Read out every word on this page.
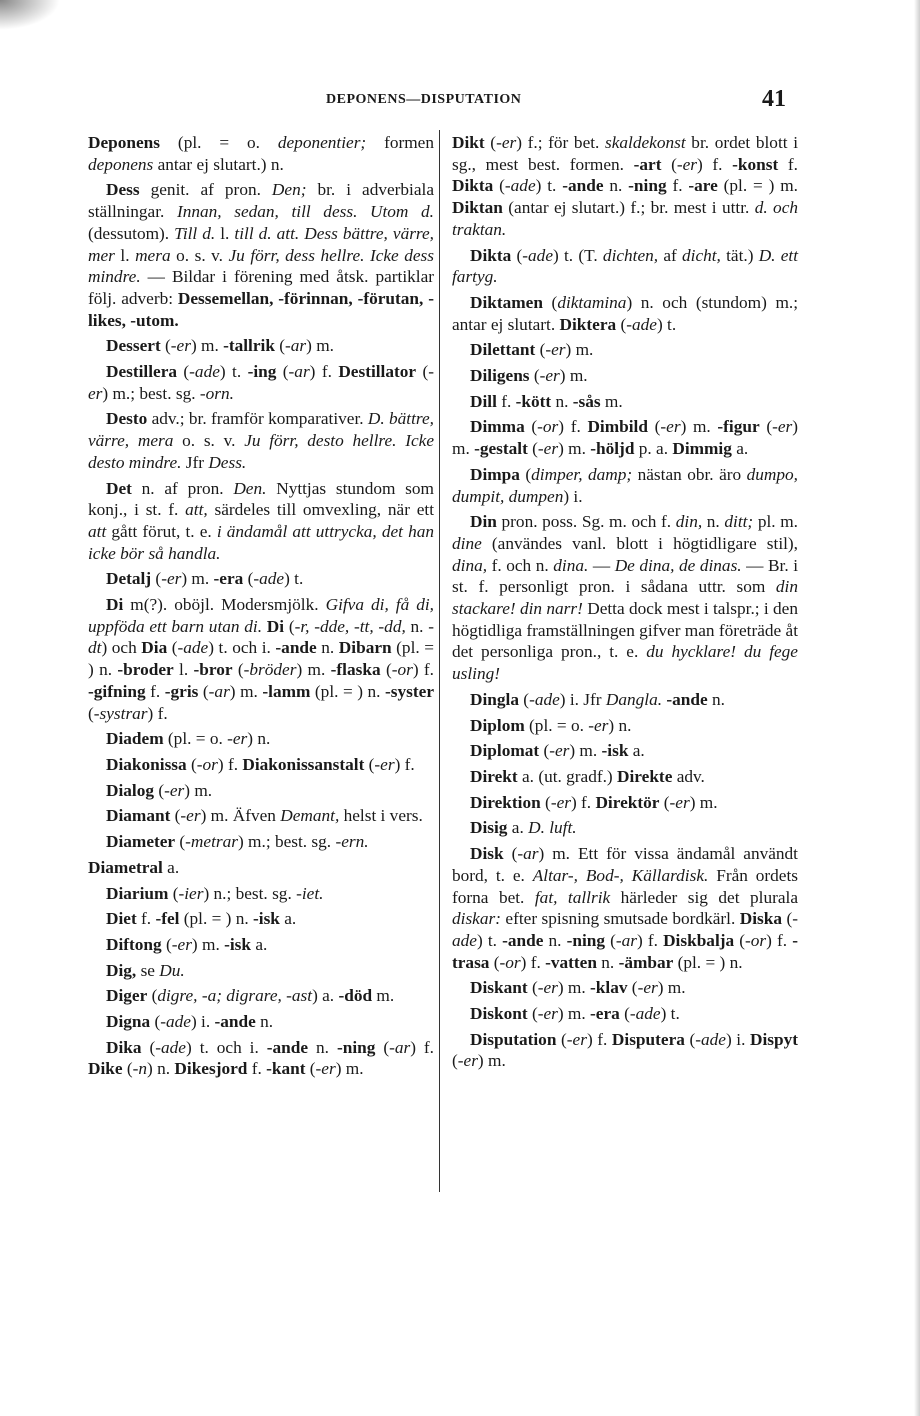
DEPONENS—DISPUTATION	41

Deponens (pl. = o. deponentier; formen deponens antar ej slutart.) n.

Dess genit. af pron. Den; br. i adverbiala ställningar. Innan, sedan, till dess. Utom d. (dessutom). Till d. l. till d. att. Dess bättre, värre, mer l. mera o. s. v. Ju förr, dess hellre. Icke dess mindre. — Bildar i förening med åtsk. partiklar följ. adverb: Dessemellan, -förinnan, -förutan, -likes, -utom.

Dessert (-er) m. -tallrik (-ar) m.

Destillera (-ade) t. -ing (-ar) f. Destillator (-er) m.; best. sg. -orn.

Desto adv.; br. framför komparativer. D. bättre, värre, mera o. s. v. Ju förr, desto hellre. Icke desto mindre. Jfr Dess.

Det n. af pron. Den. Nyttjas stundom som konj., i st. f. att, särdeles till omvexling, när ett att gått förut, t. e. i ändamål att uttrycka, det han icke bör så handla.

Detalj (-er) m. -era (-ade) t.

Di m(?). oböjl. Modersmjölk. Gifva di, få di, uppföda ett barn utan di. Di (-r, -dde, -tt, -dd, n. -dt) och Dia (-ade) t. och i. -ande n. Dibarn (pl. = ) n. -broder l. -bror (-bröder) m. -flaska (-or) f. -gifning f. -gris (-ar) m. -lamm (pl. = ) n. -syster (-systrar) f.

Diadem (pl. = o. -er) n.

Diakonissa (-or) f. Diakonissanstalt (-er) f.

Dialog (-er) m.

Diamant (-er) m. Äfven Demant, helst i vers.

Diameter (-metrar) m.; best. sg. -ern.

Diametral a.

Diarium (-ier) n.; best. sg. -iet.

Diet f. -fel (pl. = ) n. -isk a.

Diftong (-er) m. -isk a.

Dig, se Du.

Diger (digre, -a; digrare, -ast) a. -död m.

Digna (-ade) i. -ande n.

Dika (-ade) t. och i. -ande n. -ning (-ar) f. Dike (-n) n. Dikesjord f. -kant (-er) m.

Dikt (-er) f.; för bet. skaldekonst br. ordet blott i sg., mest best. formen. -art (-er) f. -konst f. Dikta (-ade) t. -ande n. -ning f. -are (pl. = ) m. Diktan (antar ej slutart.) f.; br. mest i uttr. d. och traktan.

Dikta (-ade) t. (T. dichten, af dicht, tät.) D. ett fartyg.

Diktamen (diktamina) n. och (stundom) m.; antar ej slutart. Diktera (-ade) t.

Dilettant (-er) m.

Diligens (-er) m.

Dill f. -kött n. -sås m.

Dimma (-or) f. Dimbild (-er) m. -figur (-er) m. -gestalt (-er) m. -höljd p. a. Dimmig a.

Dimpa (dimper, damp; nästan obr. äro dumpo, dumpit, dumpen) i.

Din pron. poss. Sg. m. och f. din, n. ditt; pl. m. dine (användes vanl. blott i högtidligare stil), dina, f. och n. dina. — De dina, de dinas. — Br. i st. f. personligt pron. i sådana uttr. som din stackare! din narr! Detta dock mest i talspr.; i den högtidliga framställningen gifver man företräde åt det personliga pron., t. e. du hycklare! du fege usling!

Dingla (-ade) i. Jfr Dangla. -ande n.

Diplom (pl. = o. -er) n.

Diplomat (-er) m. -isk a.

Direkt a. (ut. gradf.) Direkte adv.

Direktion (-er) f. Direktör (-er) m.

Disig a. D. luft.

Disk (-ar) m. Ett för vissa ändamål användt bord, t. e. Altar-, Bod-, Källardisk. Från ordets forna bet. fat, tallrik härleder sig det plurala diskar: efter spisning smutsade bordkärl. Diska (-ade) t. -ande n. -ning (-ar) f. Diskbalja (-or) f. -trasa (-or) f. -vatten n. -ämbar (pl. = ) n.

Diskant (-er) m. -klav (-er) m.

Diskont (-er) m. -era (-ade) t.

Disputation (-er) f. Disputera (-ade) i. Dispyt (-er) m.
